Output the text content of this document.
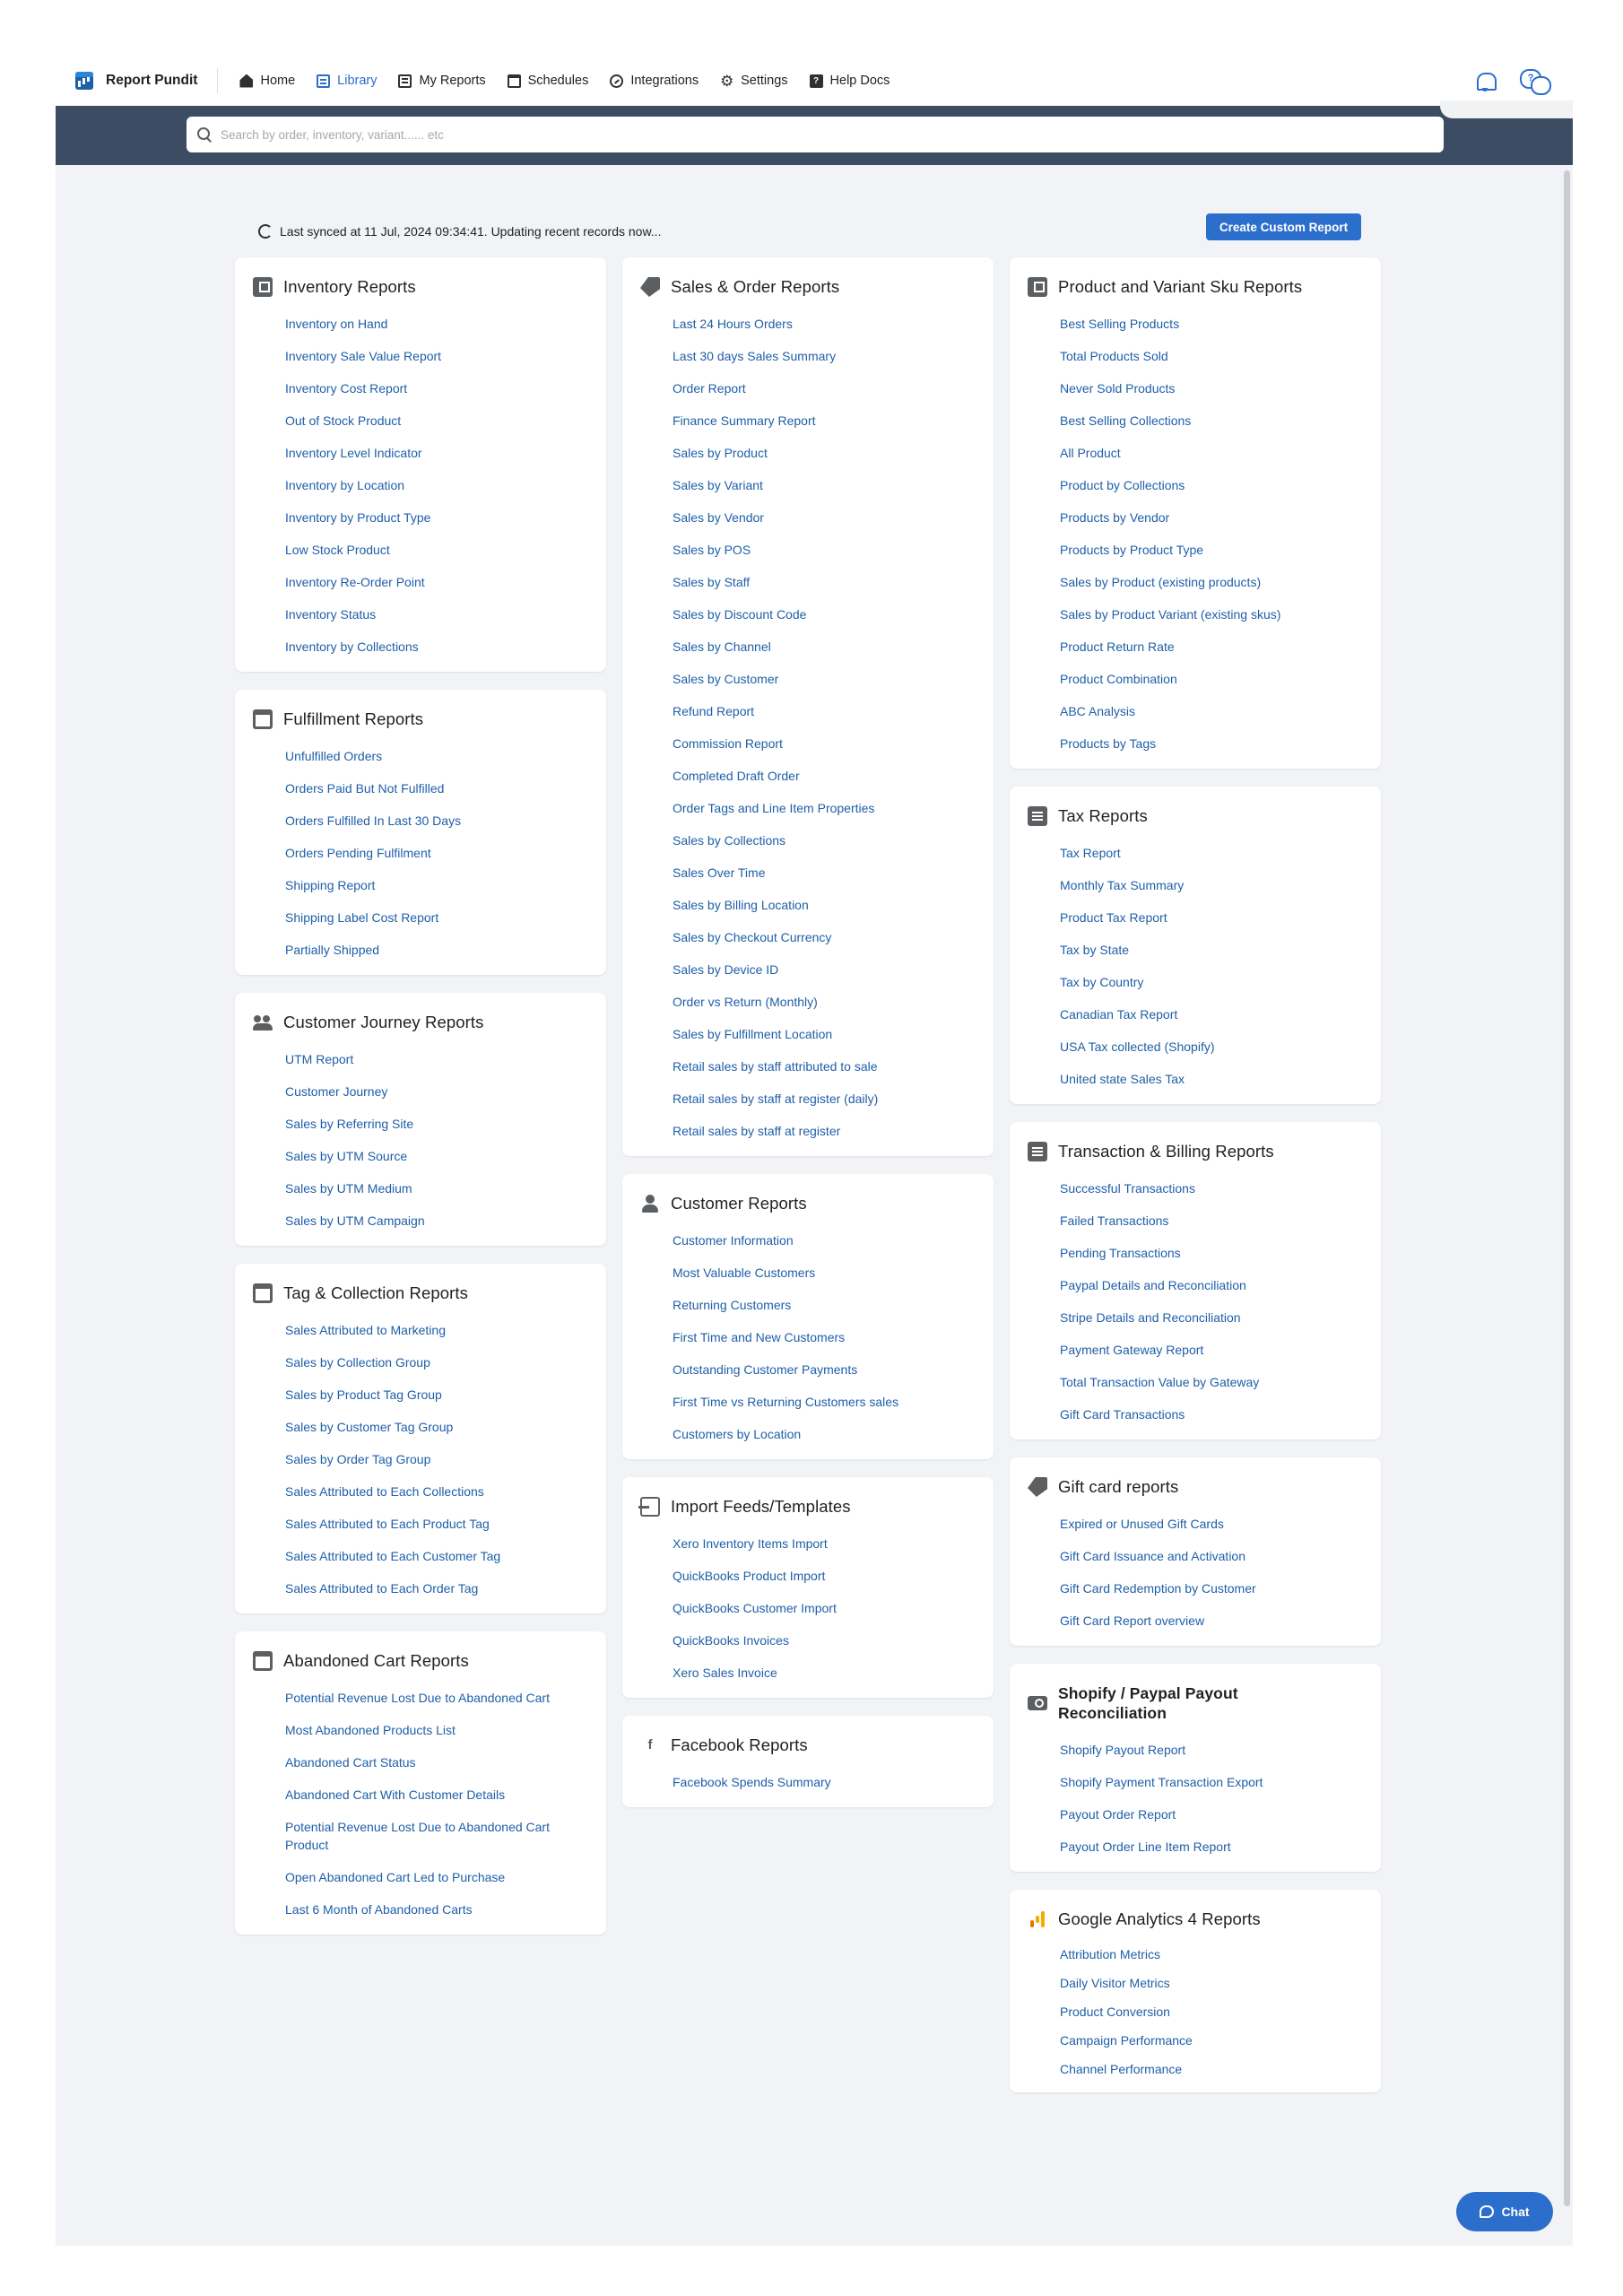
Report Pundit	Home	Library	My Reports	Schedules	Integrations ⚙ Settings	? Help Docs
?
Search by order, inventory, variant...... etc
Last synced at 11 Jul, 2024 09:34:41. Updating recent records now...	Create Custom Report
Inventory Reports
Inventory on Hand
Inventory Sale Value Report
Inventory Cost Report
Out of Stock Product
Inventory Level Indicator
Inventory by Location
Inventory by Product Type
Low Stock Product
Inventory Re-Order Point
Inventory Status
Inventory by Collections
Fulfillment Reports
Unfulfilled Orders
Orders Paid But Not Fulfilled
Orders Fulfilled In Last 30 Days
Orders Pending Fulfilment
Shipping Report
Shipping Label Cost Report
Partially Shipped
Customer Journey Reports
UTM Report
Customer Journey
Sales by Referring Site
Sales by UTM Source
Sales by UTM Medium
Sales by UTM Campaign
Tag & Collection Reports
Sales Attributed to Marketing
Sales by Collection Group
Sales by Product Tag Group
Sales by Customer Tag Group
Sales by Order Tag Group
Sales Attributed to Each Collections
Sales Attributed to Each Product Tag
Sales Attributed to Each Customer Tag
Sales Attributed to Each Order Tag
Abandoned Cart Reports
Potential Revenue Lost Due to Abandoned Cart
Most Abandoned Products List
Abandoned Cart Status
Abandoned Cart With Customer Details
Potential Revenue Lost Due to Abandoned Cart Product
Open Abandoned Cart Led to Purchase
Last 6 Month of Abandoned Carts
Sales & Order Reports
Last 24 Hours Orders
Last 30 days Sales Summary
Order Report
Finance Summary Report
Sales by Product
Sales by Variant
Sales by Vendor
Sales by POS
Sales by Staff
Sales by Discount Code
Sales by Channel
Sales by Customer
Refund Report
Commission Report
Completed Draft Order
Order Tags and Line Item Properties
Sales by Collections
Sales Over Time
Sales by Billing Location
Sales by Checkout Currency
Sales by Device ID
Order vs Return (Monthly)
Sales by Fulfillment Location
Retail sales by staff attributed to sale
Retail sales by staff at register (daily)
Retail sales by staff at register
Customer Reports
Customer Information
Most Valuable Customers
Returning Customers
First Time and New Customers
Outstanding Customer Payments
First Time vs Returning Customers sales
Customers by Location
Import Feeds/Templates
Xero Inventory Items Import
QuickBooks Product Import
QuickBooks Customer Import
QuickBooks Invoices
Xero Sales Invoice
f	Facebook Reports
Facebook Spends Summary
Product and Variant Sku Reports
Best Selling Products
Total Products Sold
Never Sold Products
Best Selling Collections
All Product
Product by Collections
Products by Vendor
Products by Product Type
Sales by Product (existing products)
Sales by Product Variant (existing skus)
Product Return Rate
Product Combination
ABC Analysis
Products by Tags
Tax Reports
Tax Report
Monthly Tax Summary
Product Tax Report
Tax by State
Tax by Country
Canadian Tax Report
USA Tax collected (Shopify)
United state Sales Tax
Transaction & Billing Reports
Successful Transactions
Failed Transactions
Pending Transactions
Paypal Details and Reconciliation
Stripe Details and Reconciliation
Payment Gateway Report
Total Transaction Value by Gateway
Gift Card Transactions
Gift card reports
Expired or Unused Gift Cards
Gift Card Issuance and Activation
Gift Card Redemption by Customer
Gift Card Report overview
Shopify / Paypal Payout Reconciliation
Shopify Payout Report
Shopify Payment Transaction Export
Payout Order Report
Payout Order Line Item Report
Google Analytics 4 Reports
Attribution Metrics
Daily Visitor Metrics
Product Conversion
Campaign Performance
Channel Performance
Chat
